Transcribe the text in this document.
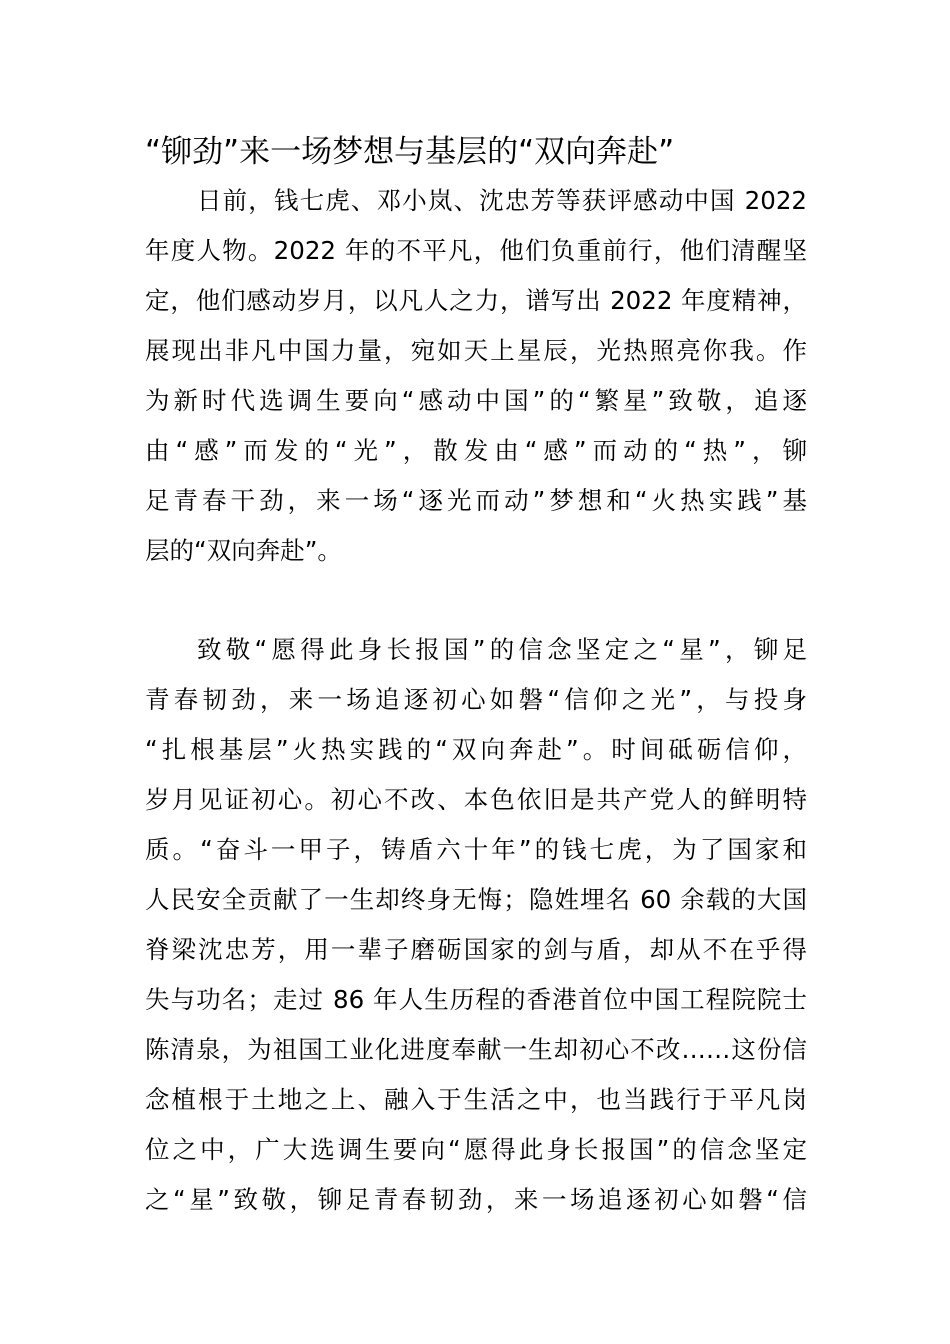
“铆劲”来一场梦想与基层的“双向奔赴”
日前，钱七虎、邓小岚、沈忠芳等获评感动中国 2022
年度人物。2022 年的不平凡，他们负重前行，他们清醒坚
定，他们感动岁月，以凡人之力，谱写出 2022 年度精神，
展现出非凡中国力量，宛如天上星辰，光热照亮你我。作
为新时代选调生要向“感动中国”的“繁星”致敬，追逐
由“感”而发的“光”，散发由“感”而动的“热”，铆
足青春干劲，来一场“逐光而动”梦想和“火热实践”基
层的“双向奔赴”。
致敬“愿得此身长报国”的信念坚定之“星”，铆足
青春韧劲，来一场追逐初心如磐“信仰之光”，与投身
“扎根基层”火热实践的“双向奔赴”。时间砥砺信仰，
岁月见证初心。初心不改、本色依旧是共产党人的鲜明特
质。“奋斗一甲子，铸盾六十年”的钱七虎，为了国家和
人民安全贡献了一生却终身无悔；隐姓埋名 60 余载的大国
脊梁沈忠芳，用一辈子磨砺国家的剑与盾，却从不在乎得
失与功名；走过 86 年人生历程的香港首位中国工程院院士
陈清泉，为祖国工业化进度奉献一生却初心不改……这份信
念植根于土地之上、融入于生活之中，也当践行于平凡岗
位之中，广大选调生要向“愿得此身长报国”的信念坚定
之“星”致敬，铆足青春韧劲，来一场追逐初心如磐“信
